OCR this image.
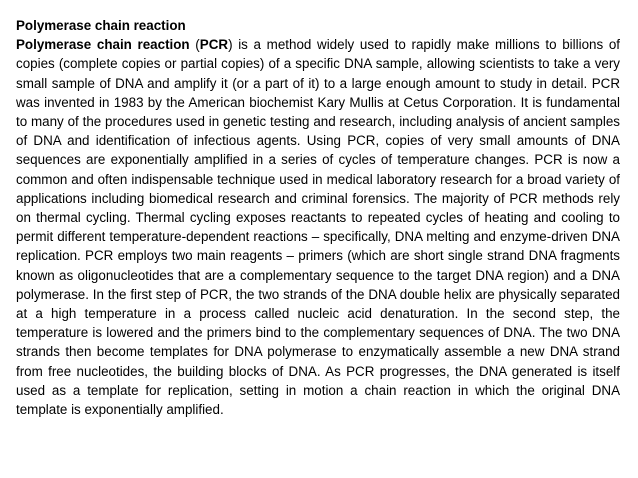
Polymerase chain reaction

Polymerase chain reaction (PCR) is a method widely used to rapidly make millions to billions of copies (complete copies or partial copies) of a specific DNA sample, allowing scientists to take a very small sample of DNA and amplify it (or a part of it) to a large enough amount to study in detail. PCR was invented in 1983 by the American biochemist Kary Mullis at Cetus Corporation. It is fundamental to many of the procedures used in genetic testing and research, including analysis of ancient samples of DNA and identification of infectious agents. Using PCR, copies of very small amounts of DNA sequences are exponentially amplified in a series of cycles of temperature changes. PCR is now a common and often indispensable technique used in medical laboratory research for a broad variety of applications including biomedical research and criminal forensics. The majority of PCR methods rely on thermal cycling. Thermal cycling exposes reactants to repeated cycles of heating and cooling to permit different temperature-dependent reactions – specifically, DNA melting and enzyme-driven DNA replication. PCR employs two main reagents – primers (which are short single strand DNA fragments known as oligonucleotides that are a complementary sequence to the target DNA region) and a DNA polymerase. In the first step of PCR, the two strands of the DNA double helix are physically separated at a high temperature in a process called nucleic acid denaturation. In the second step, the temperature is lowered and the primers bind to the complementary sequences of DNA. The two DNA strands then become templates for DNA polymerase to enzymatically assemble a new DNA strand from free nucleotides, the building blocks of DNA. As PCR progresses, the DNA generated is itself used as a template for replication, setting in motion a chain reaction in which the original DNA template is exponentially amplified.
